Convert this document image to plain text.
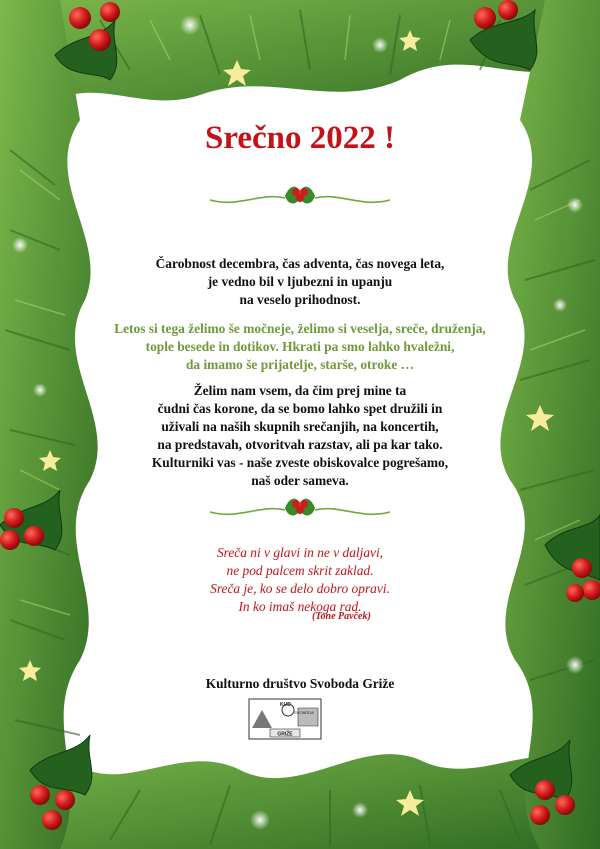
Srečno 2022 !
Čarobnost decembra, čas adventa, čas novega leta,
je vedno bil v ljubezni in upanju
na veselo prihodnost.
Letos si tega želimo še močneje, želimo si veselja, sreče, druženja,
tople besede in dotikov. Hkrati pa smo lahko hvaležni,
da imamo še prijatelje, starše, otroke …
Želim nam vsem, da čim prej mine ta
čudni čas korone, da se bomo lahko spet družili in
uživali na naših skupnih srečanjih, na koncertih,
na predstavah, otvoritvah razstav, ali pa kar tako.
Kulturniki vas - naše zveste obiskovalce pogrešamo,
naš oder sameva.
Sreča ni v glavi in ne v daljavi,
ne pod palcem skrit zaklad.
Sreča je, ko se delo dobro opravi.
In ko imaš nekoga rad.
(Tone Pavček)
Kulturno društvo Svoboda Griže
KUD
SVOBODA
GRIŽE
